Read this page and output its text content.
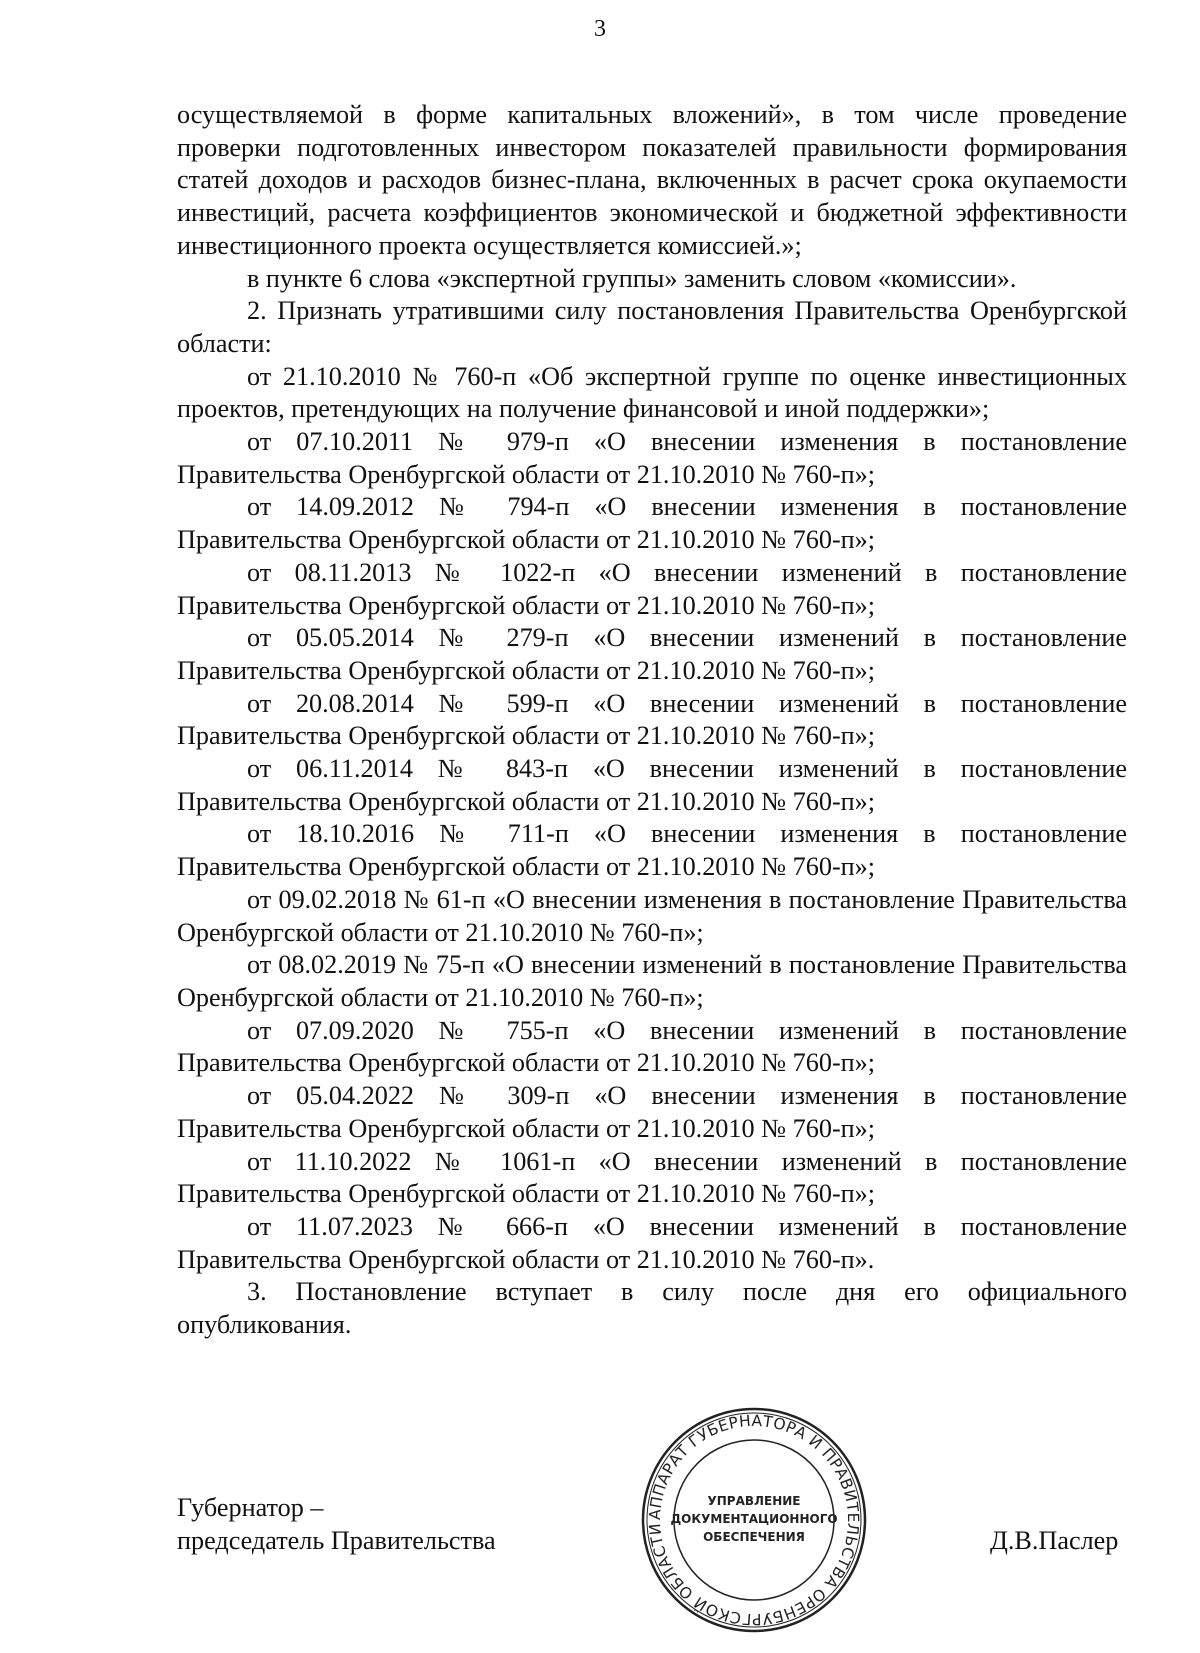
3

осуществляемой в форме капитальных вложений», в том числе проведение проверки подготовленных инвестором показателей правильности формирования статей доходов и расходов бизнес-плана, включенных в расчет срока окупаемости инвестиций, расчета коэффициентов экономической и бюджетной эффективности инвестиционного проекта осуществляется комиссией.»;

в пункте 6 слова «экспертной группы» заменить словом «комиссии».

2. Признать утратившими силу постановления Правительства Оренбургской области:

от 21.10.2010 № 760-п «Об экспертной группе по оценке инвестиционных проектов, претендующих на получение финансовой и иной поддержки»;

от 07.10.2011 № 979-п «О внесении изменения в постановление Правительства Оренбургской области от 21.10.2010 № 760-п»;

от 14.09.2012 № 794-п «О внесении изменения в постановление Правительства Оренбургской области от 21.10.2010 № 760-п»;

от 08.11.2013 № 1022-п «О внесении изменений в постановление Правительства Оренбургской области от 21.10.2010 № 760-п»;

от 05.05.2014 № 279-п «О внесении изменений в постановление Правительства Оренбургской области от 21.10.2010 № 760-п»;

от 20.08.2014 № 599-п «О внесении изменений в постановление Правительства Оренбургской области от 21.10.2010 № 760-п»;

от 06.11.2014 № 843-п «О внесении изменений в постановление Правительства Оренбургской области от 21.10.2010 № 760-п»;

от 18.10.2016 № 711-п «О внесении изменения в постановление Правительства Оренбургской области от 21.10.2010 № 760-п»;

от 09.02.2018 № 61-п «О внесении изменения в постановление Правительства Оренбургской области от 21.10.2010 № 760-п»;

от 08.02.2019 № 75-п «О внесении изменений в постановление Правительства Оренбургской области от 21.10.2010 № 760-п»;

от 07.09.2020 № 755-п «О внесении изменений в постановление Правительства Оренбургской области от 21.10.2010 № 760-п»;

от 05.04.2022 № 309-п «О внесении изменения в постановление Правительства Оренбургской области от 21.10.2010 № 760-п»;

от 11.10.2022 № 1061-п «О внесении изменений в постановление Правительства Оренбургской области от 21.10.2010 № 760-п»;

от 11.07.2023 № 666-п «О внесении изменений в постановление Правительства Оренбургской области от 21.10.2010 № 760-п».

3. Постановление вступает в силу после дня его официального опубликования.

Губернатор –
председатель Правительства	Д.В.Паслер
АППАРАТ ГУБЕРНАТОРА И ПРАВИТЕЛЬСТВА ОРЕНБУРГСКОЙ ОБЛАСТИ
УПРАВЛЕНИЕ
ДОКУМЕНТАЦИОННОГО
ОБЕСПЕЧЕНИЯ
